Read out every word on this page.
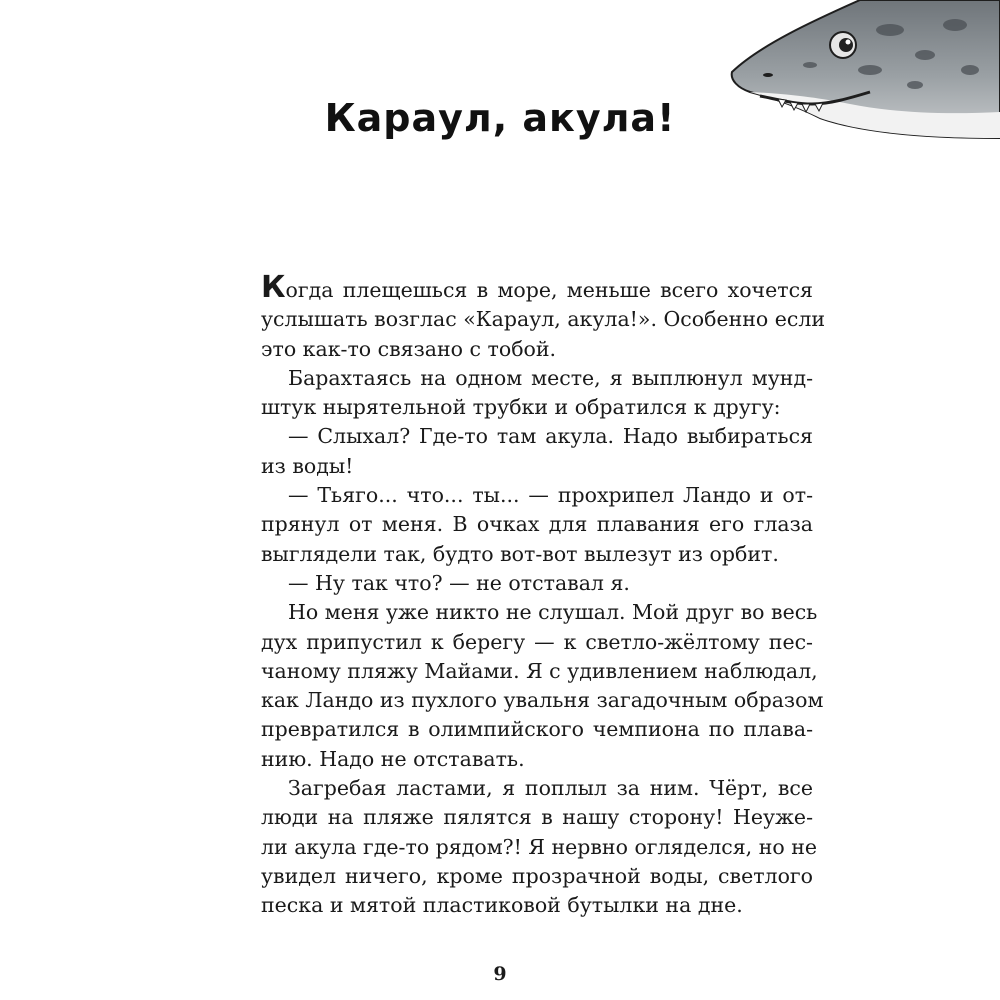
Караул, акула!
Когда плещешься в море, меньше всего хочется
услышать возглас «Караул, акула!». Особенно если
это как-то связано с тобой.
Барахтаясь на одном месте, я выплюнул мунд-
штук нырятельной трубки и обратился к другу:
— Слыхал? Где-то там акула. Надо выбираться
из воды!
— Тьяго... что... ты... — прохрипел Ландо и от-
прянул от меня. В очках для плавания его глаза
выглядели так, будто вот-вот вылезут из орбит.
— Ну так что? — не отставал я.
Но меня уже никто не слушал. Мой друг во весь
дух припустил к берегу — к светло-жёлтому пес-
чаному пляжу Майами. Я с удивлением наблюдал,
как Ландо из пухлого увальня загадочным образом
превратился в олимпийского чемпиона по плава-
нию. Надо не отставать.
Загребая ластами, я поплыл за ним. Чёрт, все
люди на пляже пялятся в нашу сторону! Неужe-
ли акула где-то рядом?! Я нервно огляделся, но не
увидел ничего, кроме прозрачной воды, светлого
песка и мятой пластиковой бутылки на дне.
9
